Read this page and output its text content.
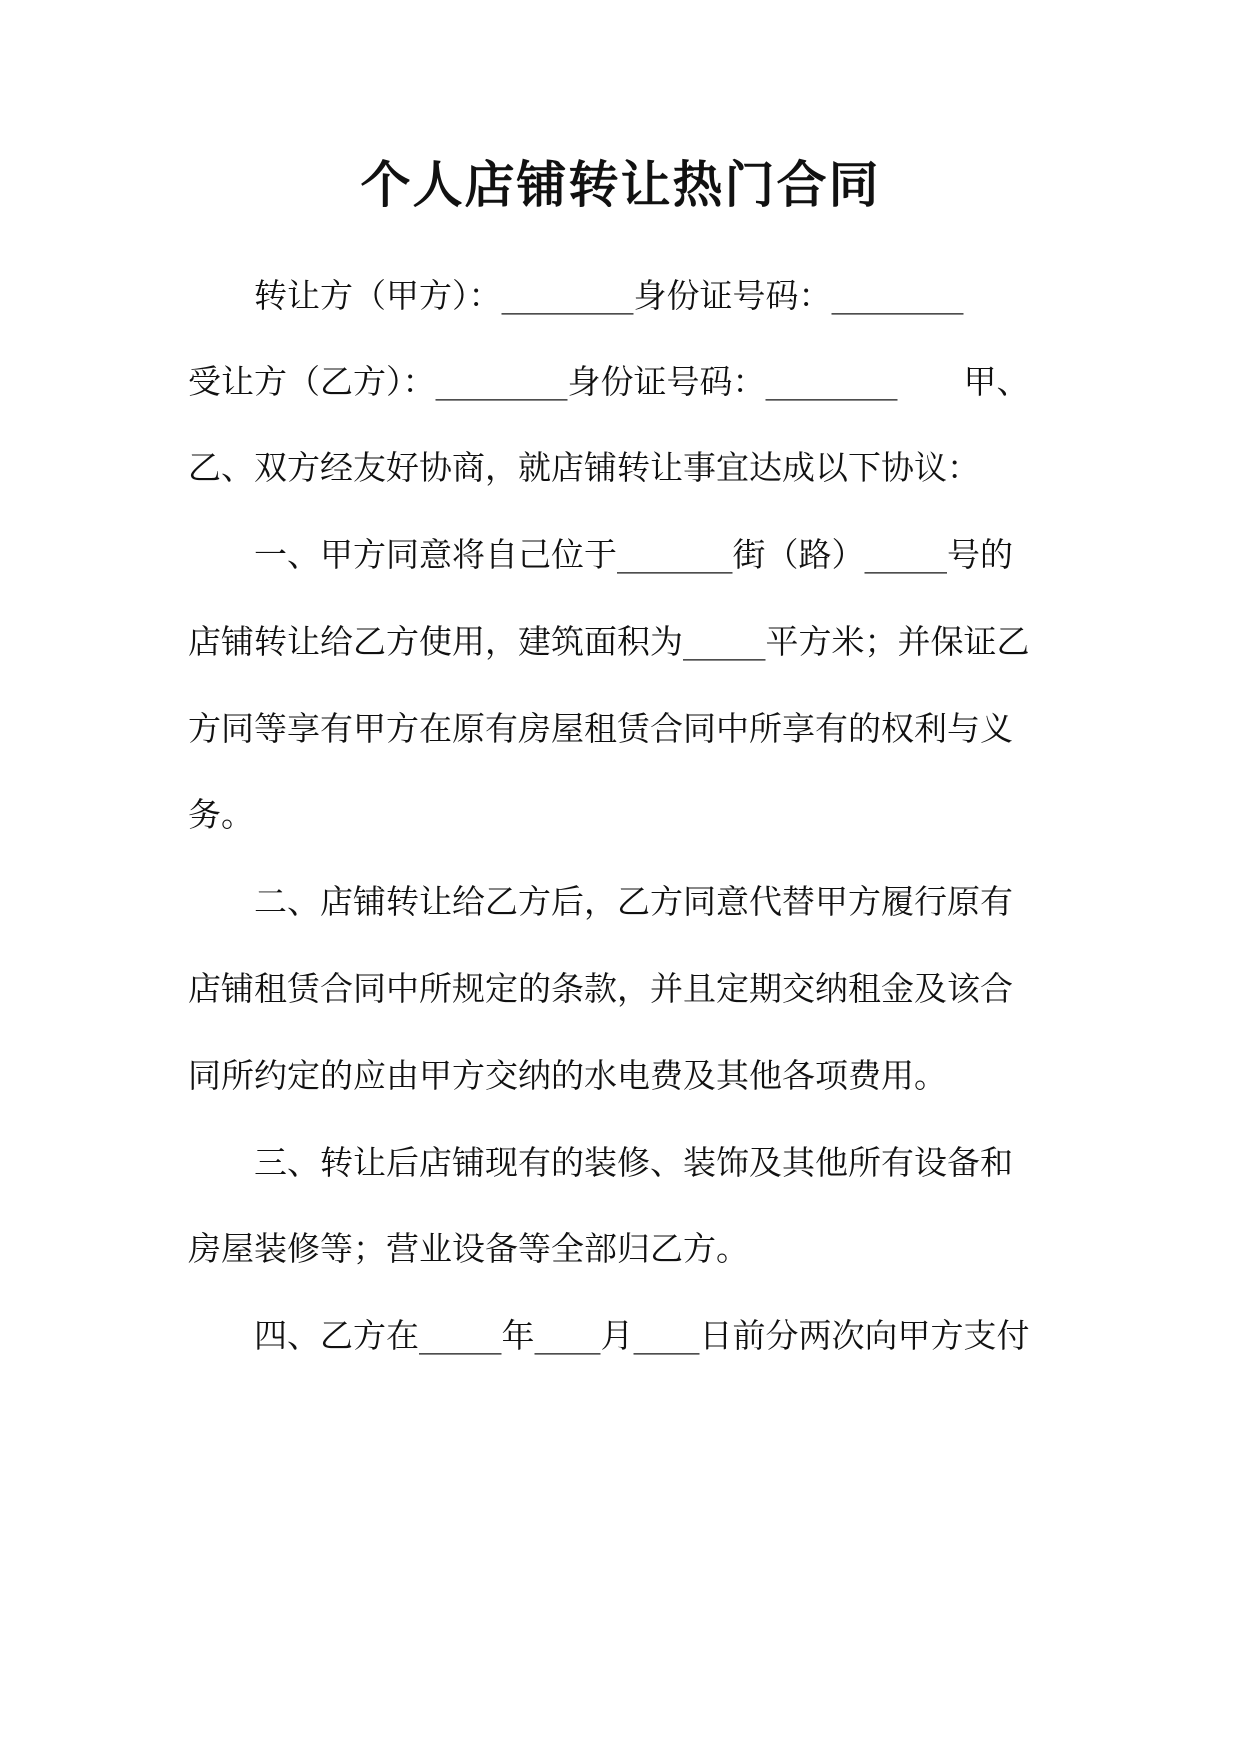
个人店铺转让热门合同

转让方（甲方）：________身份证号码：________

受让方（乙方）：________身份证号码：________　　甲、

乙、双方经友好协商，就店铺转让事宜达成以下协议：

一、甲方同意将自己位于_______街（路）_____号的

店铺转让给乙方使用，建筑面积为_____平方米；并保证乙

方同等享有甲方在原有房屋租赁合同中所享有的权利与义

务。

二、店铺转让给乙方后，乙方同意代替甲方履行原有

店铺租赁合同中所规定的条款，并且定期交纳租金及该合

同所约定的应由甲方交纳的水电费及其他各项费用。

三、转让后店铺现有的装修、装饰及其他所有设备和

房屋装修等；营业设备等全部归乙方。

四、乙方在_____年____月____日前分两次向甲方支付
